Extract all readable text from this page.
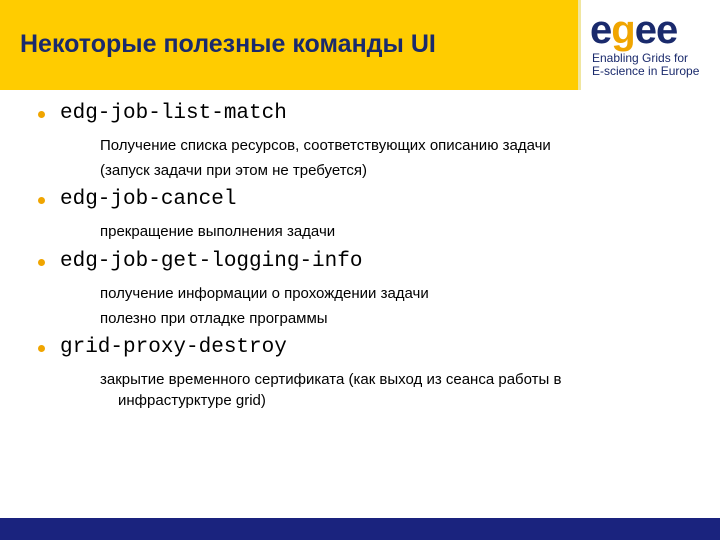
Некоторые полезные команды UI	egee
Enabling Grids for
E-science in Europe
edg-job-list-match
Получение списка ресурсов, соответствующих описанию задачи
(запуск задачи при этом не требуется)
edg-job-cancel
прекращение выполнения задачи
edg-job-get-logging-info
получение информации о прохождении задачи
полезно при отладке программы
grid-proxy-destroy
закрытие временного сертификата (как выход из сеанса работы в
инфрастурктуре grid)
